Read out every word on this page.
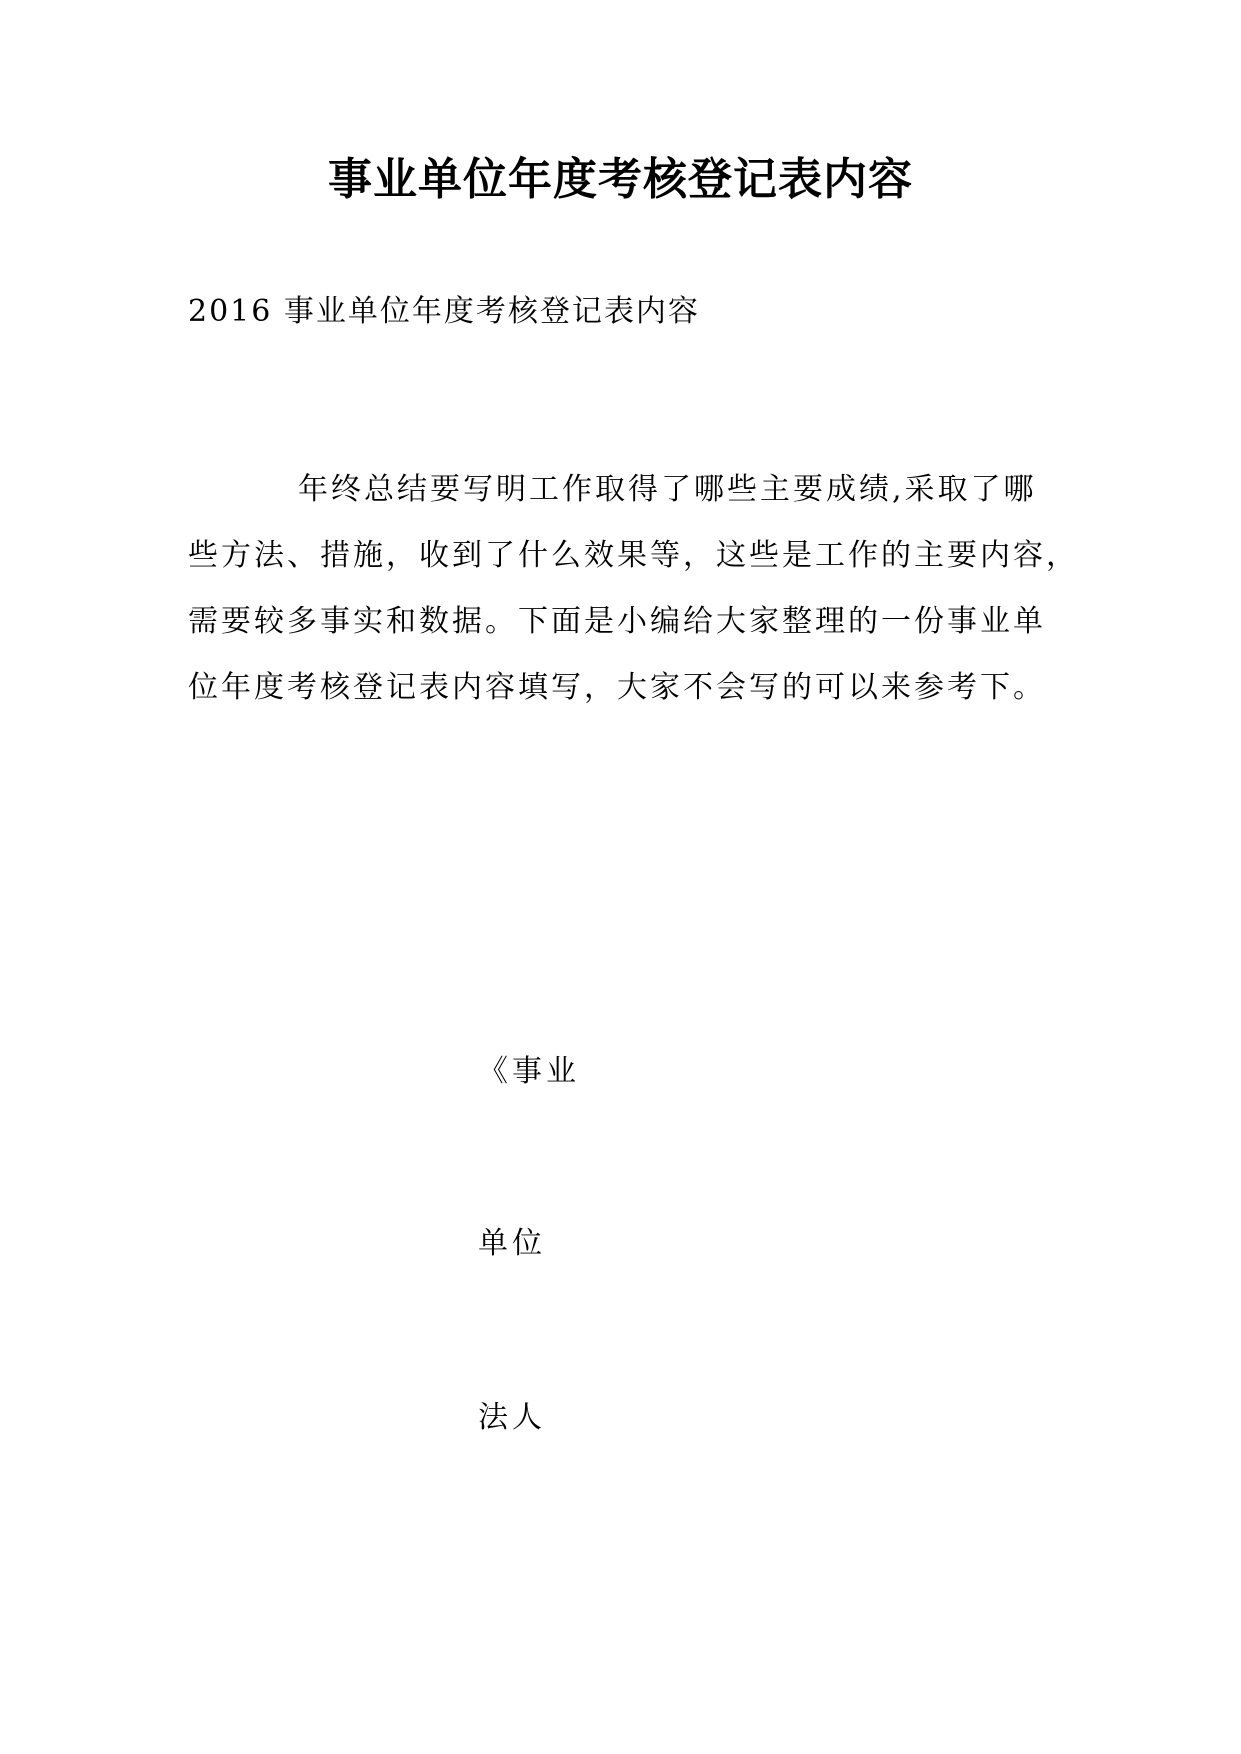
事业单位年度考核登记表内容
2016 事业单位年度考核登记表内容
年终总结要写明工作取得了哪些主要成绩,采取了哪
些方法、措施，收到了什么效果等，这些是工作的主要内容，
需要较多事实和数据。下面是小编给大家整理的一份事业单
位年度考核登记表内容填写，大家不会写的可以来参考下。
《事业
单位
法人
